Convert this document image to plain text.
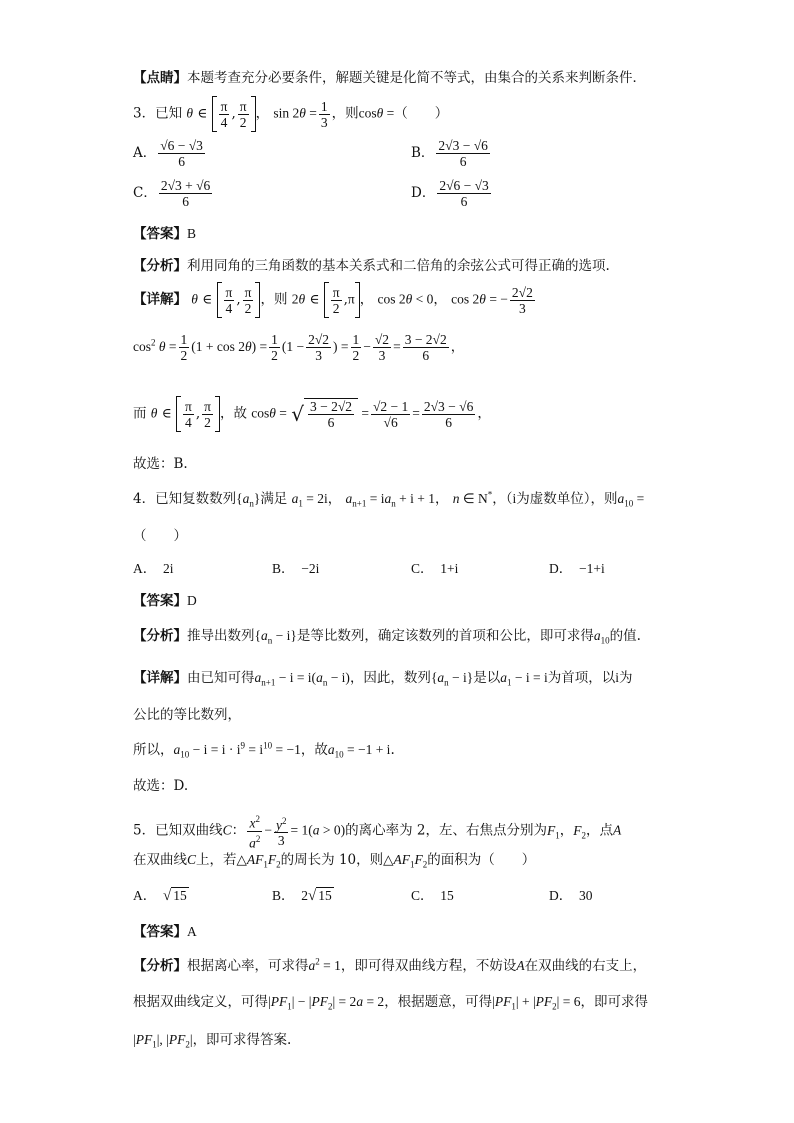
【点睛】本题考查充分必要条件，解题关键是化简不等式，由集合的关系来判断条件．
3．已知 θ ∈ $\frac{\pi}{4}$ , $\frac{\pi}{2}$ ， $\sin 2\theta = \frac{1}{3}$ ，则cosθ =（　　）
A． $\frac{√6 - √3}{6}$	B． $\frac{2√3 - √6}{6}$
C． $\frac{2√3 + √6}{6}$	D． $\frac{2√6 - √3}{6}$
【答案】B
【分析】利用同角的三角函数的基本关系式和二倍角的余弦公式可得正确的选项.
【详解】 θ ∈ $\frac{\pi}{4}$ , $\frac{\pi}{2}$ ，则 2θ ∈ $\frac{\pi}{2} ,\pi$ ， cos 2θ < 0， cos 2θ = − $\frac{2√2}{3}$
$\cos^2 \theta = \frac{1}{2} (1 + \cos 2\theta) = \frac{1}{2} (1 - \frac{2√2}{3}$ ) = $\frac{1}{2} - \frac{√2}{3} = \frac{3 - 2√2}{6}$ ，
而 θ ∈ $\frac{\pi}{4}$ , $\frac{\pi}{2}$ ，故 cosθ = √ $\frac{3 - 2√2}{6} = \frac{√2 - 1}{√6} = \frac{2√3 - √6}{6}$ ，
故选：B.
4．已知复数数列$\{a_n\}$满足 $a_1 = 2i$， $a_{n+1} = ia_n + i + 1$， n ∈ N*，（i为虚数单位），则$a_{10}$ =
（　　）
A．　2i	B．　−2i	C．　1+i	D．　−1+i
【答案】D
【分析】推导出数列$\{a_n - i\}$是等比数列，确定该数列的首项和公比，即可求得$a_{10}$的值.
【详解】由已知可得$a_{n+1} - i = i(a_n - i)$，因此，数列$\{a_n - i\}$是以$a_1 - i = i$为首项，以i为
公比的等比数列，
所以，$a_{10} - i = i \cdot i^9 = i^{10} = -1$，故$a_{10} = -1 + i$.
故选：D.
5．已知双曲线C： $\frac{x^2}{a^2} - \frac{y^2}{3} = 1(a > 0)$的离心率为 2，左、右焦点分别为$F_1$，$F_2$，点A
在双曲线C上，若$\triangle AF_1F_2$的周长为 10，则$\triangle AF_1F_2$的面积为（　　）
A．　 √ 15	B．　2√ 15	C．　15	D．　30
【答案】A
【分析】根据离心率，可求得$a^2 = 1$，即可得双曲线方程，不妨设A在双曲线的右支上，
根据双曲线定义，可得$|PF_1| - |PF_2| = 2a = 2$，根据题意，可得$|PF_1| + |PF_2| = 6$，即可求得
$|PF_1|$, $|PF_2|$，即可求得答案.
